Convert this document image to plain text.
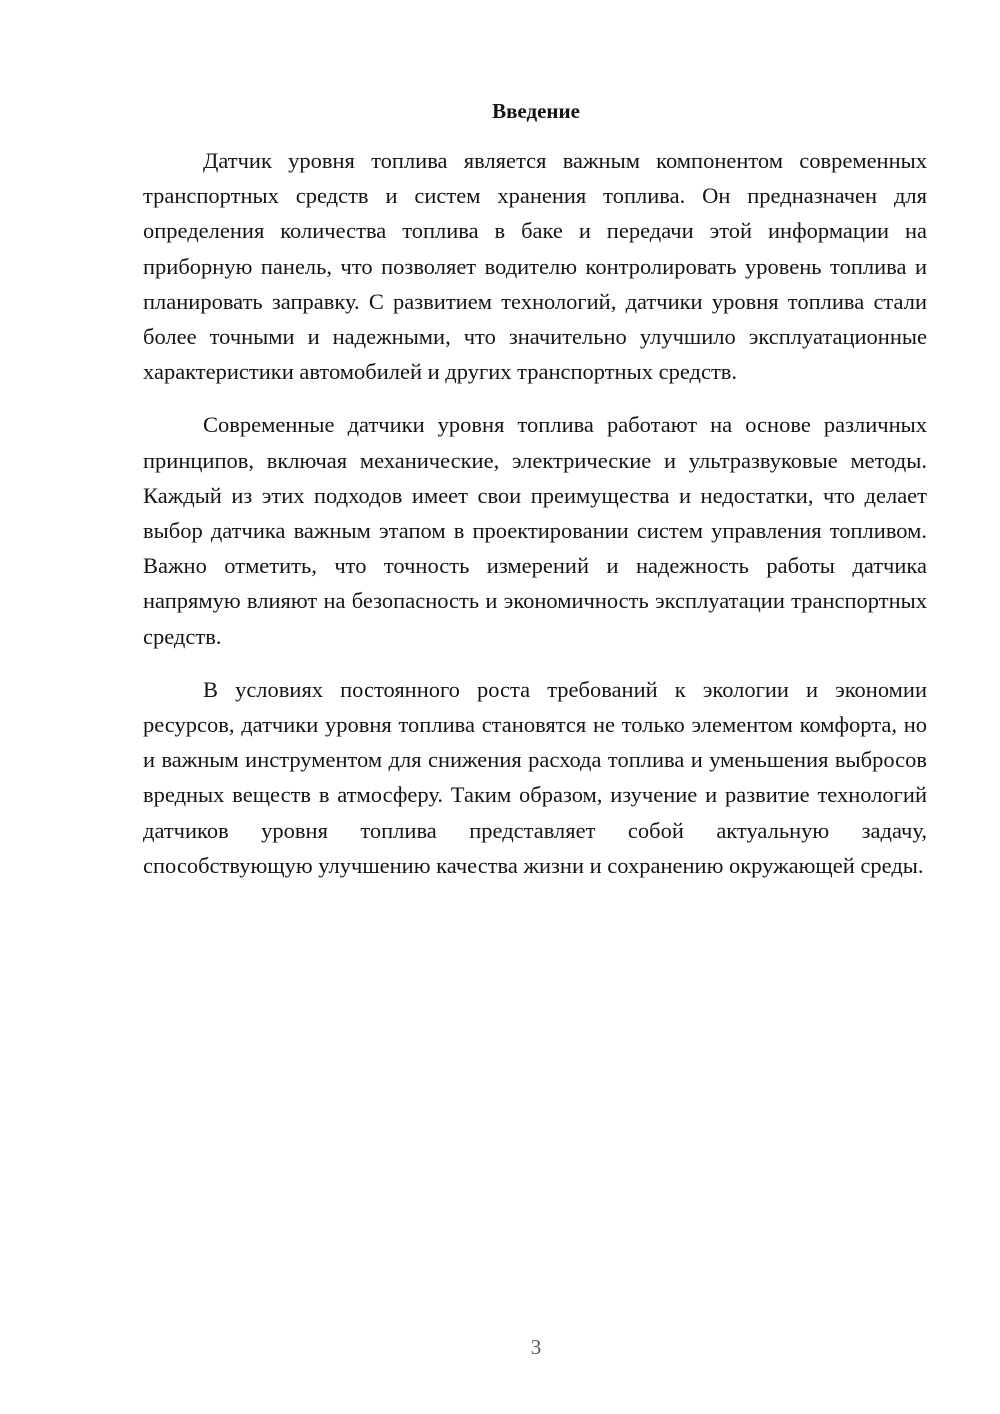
Введение

Датчик уровня топлива является важным компонентом современных транспортных средств и систем хранения топлива. Он предназначен для определения количества топлива в баке и передачи этой информации на приборную панель, что позволяет водителю контролировать уровень топлива и планировать заправку. С развитием технологий, датчики уровня топлива стали более точными и надежными, что значительно улучшило эксплуатационные характеристики автомобилей и других транспортных средств.

Современные датчики уровня топлива работают на основе различных принципов, включая механические, электрические и ультразвуковые методы. Каждый из этих подходов имеет свои преимущества и недостатки, что делает выбор датчика важным этапом в проектировании систем управления топливом. Важно отметить, что точность измерений и надежность работы датчика напрямую влияют на безопасность и экономичность эксплуатации транспортных средств.

В условиях постоянного роста требований к экологии и экономии ресурсов, датчики уровня топлива становятся не только элементом комфорта, но и важным инструментом для снижения расхода топлива и уменьшения выбросов вредных веществ в атмосферу. Таким образом, изучение и развитие технологий датчиков уровня топлива представляет собой актуальную задачу, способствующую улучшению качества жизни и сохранению окружающей среды.

3
